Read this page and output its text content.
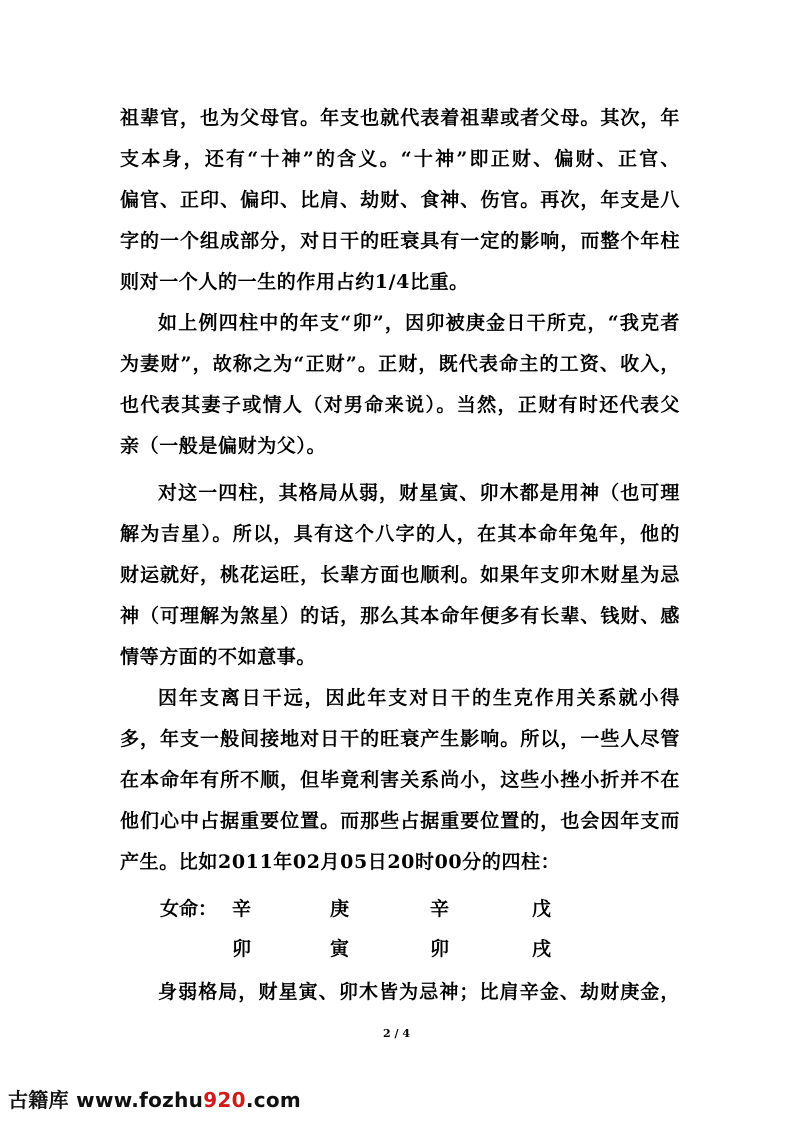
祖辈官，也为父母官。年支也就代表着祖辈或者父母。其次，年
支本身，还有“十神”的含义。“十神”即正财、偏财、正官、
偏官、正印、偏印、比肩、劫财、食神、伤官。再次，年支是八
字的一个组成部分，对日干的旺衰具有一定的影响，而整个年柱
则对一个人的一生的作用占约1/4比重。
如上例四柱中的年支“卯”，因卯被庚金日干所克，“我克者
为妻财”，故称之为“正财”。正财，既代表命主的工资、收入，
也代表其妻子或情人（对男命来说）。当然，正财有时还代表父
亲（一般是偏财为父）。
对这一四柱，其格局从弱，财星寅、卯木都是用神（也可理
解为吉星）。所以，具有这个八字的人，在其本命年兔年，他的
财运就好，桃花运旺，长辈方面也顺利。如果年支卯木财星为忌
神（可理解为煞星）的话，那么其本命年便多有长辈、钱财、感
情等方面的不如意事。
因年支离日干远，因此年支对日干的生克作用关系就小得
多，年支一般间接地对日干的旺衰产生影响。所以，一些人尽管
在本命年有所不顺，但毕竟利害关系尚小，这些小挫小折并不在
他们心中占据重要位置。而那些占据重要位置的，也会因年支而
产生。比如2011年02月05日20时00分的四柱：
女命： 辛	庚	辛	戊
卯	寅	卯	戌
身弱格局，财星寅、卯木皆为忌神；比肩辛金、劫财庚金，
2 / 4
古籍库 www.fozhu920.com
